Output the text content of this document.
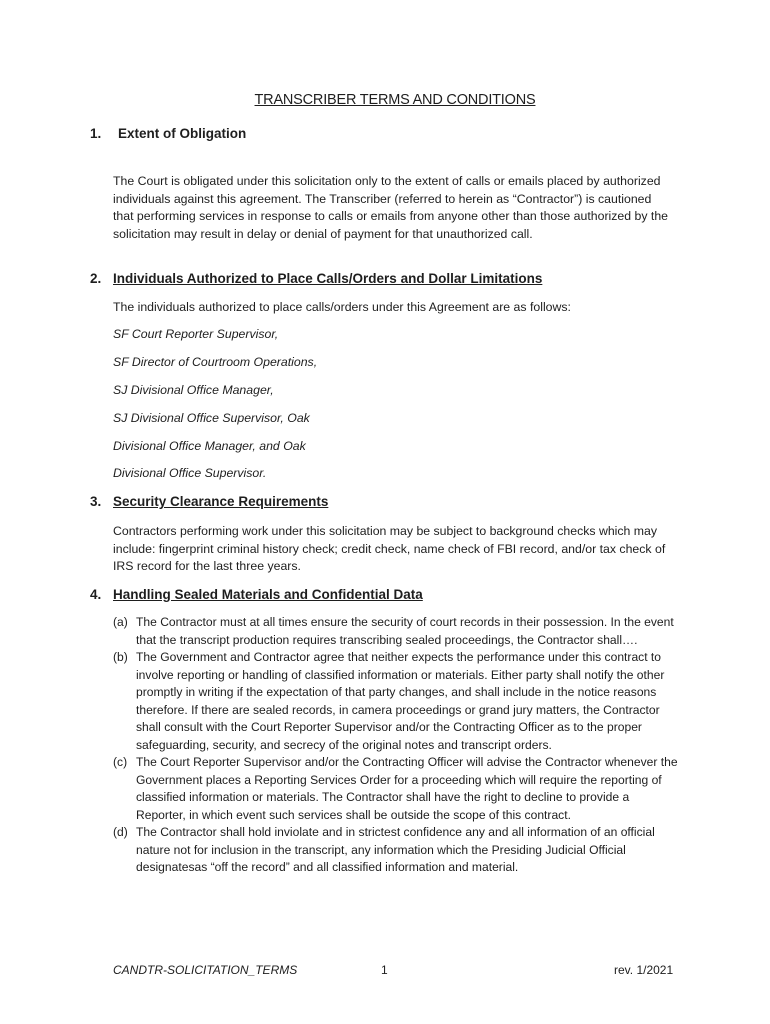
TRANSCRIBER TERMS AND CONDITIONS
1. Extent of Obligation
The Court is obligated under this solicitation only to the extent of calls or emails placed by authorized individuals against this agreement. The Transcriber (referred to herein as “Contractor”) is cautioned that performing services in response to calls or emails from anyone other than those authorized by the solicitation may result in delay or denial of payment for that unauthorized call.
2. Individuals Authorized to Place Calls/Orders and Dollar Limitations
The individuals authorized to place calls/orders under this Agreement are as follows:
SF Court Reporter Supervisor,
SF Director of Courtroom Operations,
SJ Divisional Office Manager,
SJ Divisional Office Supervisor, Oak
Divisional Office Manager, and Oak
Divisional Office Supervisor.
3. Security Clearance Requirements
Contractors performing work under this solicitation may be subject to background checks which may include: fingerprint criminal history check; credit check, name check of FBI record, and/or tax check of IRS record for the last three years.
4. Handling Sealed Materials and Confidential Data
(a) The Contractor must at all times ensure the security of court records in their possession. In the event that the transcript production requires transcribing sealed proceedings, the Contractor shall….
(b) The Government and Contractor agree that neither expects the performance under this contract to involve reporting or handling of classified information or materials. Either party shall notify the other promptly in writing if the expectation of that party changes, and shall include in the notice reasons therefore. If there are sealed records, in camera proceedings or grand jury matters, the Contractor shall consult with the Court Reporter Supervisor and/or the Contracting Officer as to the proper safeguarding, security, and secrecy of the original notes and transcript orders.
(c) The Court Reporter Supervisor and/or the Contracting Officer will advise the Contractor whenever the Government places a Reporting Services Order for a proceeding which will require the reporting of classified information or materials. The Contractor shall have the right to decline to provide a Reporter, in which event such services shall be outside the scope of this contract.
(d) The Contractor shall hold inviolate and in strictest confidence any and all information of an official nature not for inclusion in the transcript, any information which the Presiding Judicial Official designatesas “off the record” and all classified information and material.
CANDTR-SOLICITATION_TERMS	1	rev. 1/2021
